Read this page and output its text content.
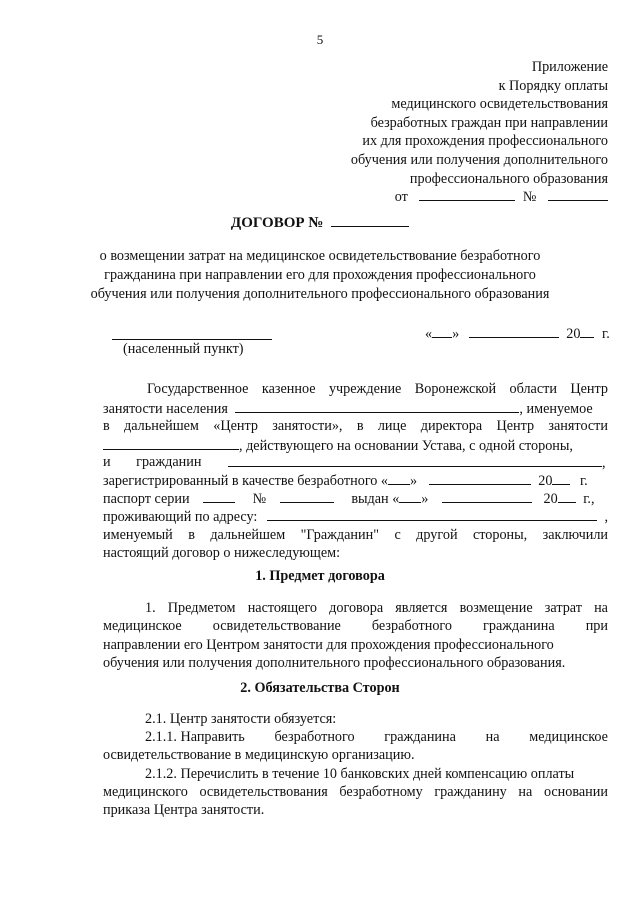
5
Приложение
к Порядку оплаты
медицинского освидетельствования
безработных граждан при направлении
их для прохождения профессионального
обучения или получения дополнительного
профессионального образования
от	№
ДОГОВОР №
о возмещении затрат на медицинское освидетельствование безработного
гражданина при направлении его для прохождения профессионального
обучения или получения дополнительного профессионального образования
(населенный пункт)
« »	20 г.
Государственное казенное учреждение Воронежской области Центр
занятости населения	, именуемое
в дальнейшем «Центр занятости», в лице директора Центр занятости
, действующего на основании Устава, с одной стороны,
и гражданин	,
зарегистрированный в качестве безработного « »	20 г.
паспорт серии	№	выдан « »	20 г.,
проживающий по адресу:	,
именуемый в дальнейшем "Гражданин" с другой стороны, заключили
настоящий договор о нижеследующем:
1. Предмет договора
1. Предметом настоящего договора является возмещение затрат на
медицинское освидетельствование безработного гражданина при
направлении его Центром занятости для прохождения профессионального
обучения или получения дополнительного профессионального образования.
2. Обязательства Сторон
2.1. Центр занятости обязуется:
2.1.1. Направить безработного гражданина на медицинское
освидетельствование в медицинскую организацию.
2.1.2. Перечислить в течение 10 банковских дней компенсацию оплаты
медицинского освидетельствования безработному гражданину на основании
приказа Центра занятости.
